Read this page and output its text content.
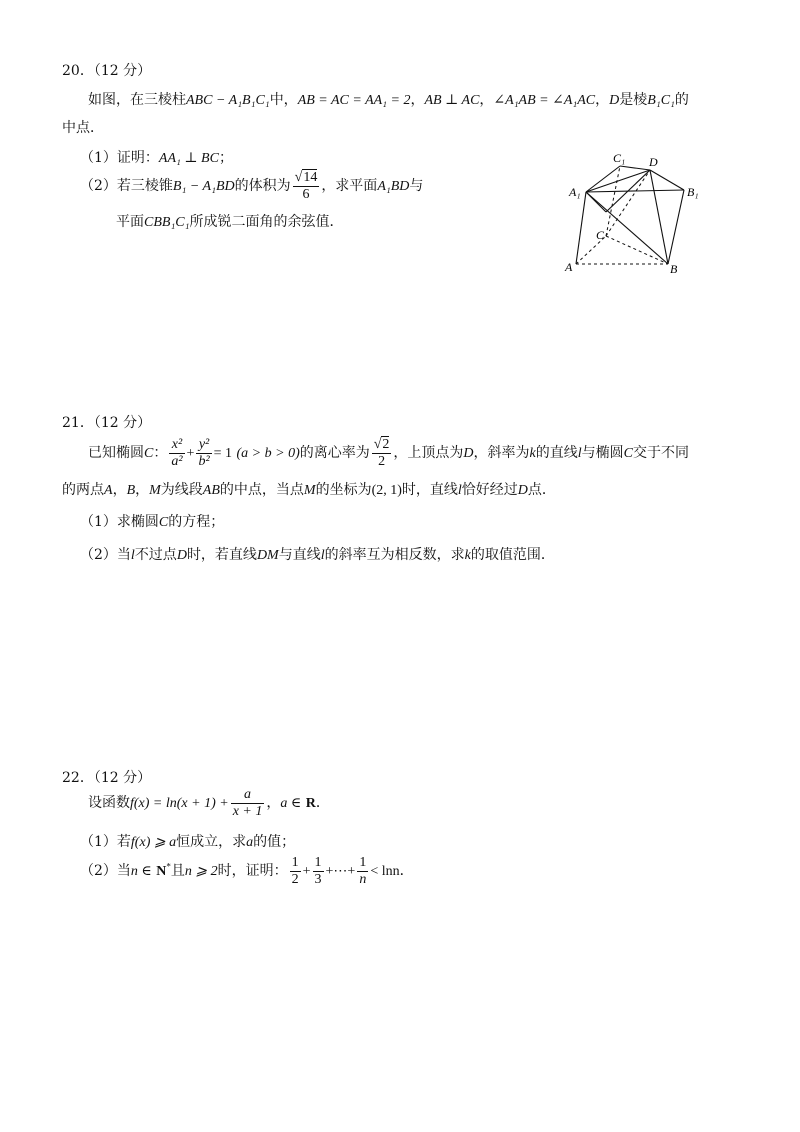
20．（12 分）
如图，在三棱柱ABC − A₁B₁C₁中，AB = AC = AA₁ = 2，AB ⊥ AC，∠A₁AB = ∠A₁AC，D是棱B₁C₁的
中点．
（1）证明：AA₁ ⊥ BC；
（2）若三棱锥B₁ − A₁BD的体积为 $\frac{√14}{6}$ ，求平面A₁BD与
平面CBB₁C₁所成锐二面角的余弦值．
C₁ D
A₁	B₁
C
A	B
21．（12 分）
已知椭圆C： $\frac{\text{x²}}{\text{a²}} + \frac{\text{y²}}{\text{b²}} = 1$ (a > b > 0)的离心率为 $\frac{√2}{2}$ ，上顶点为D，斜率为k的直线l与椭圆C交于不同
的两点A，B，M为线段AB的中点，当点M的坐标为(2, 1)时，直线l恰好经过D点．
（1）求椭圆C的方程；
（2）当l不过点D时，若直线DM与直线l的斜率互为相反数，求k的取值范围．
22．（12 分）
设函数$f(x) = \ln(x + 1) + \frac{a}{x + 1}$ ，a ∈ R．
（1）若f(x) ⩾ a恒成立，求a的值；
（2）当n ∈ N*且n ⩾ 2时，证明： $\frac{1}{2} + \frac{1}{3}$ +⋯+ $\frac{1}{n} < \ln n$．
